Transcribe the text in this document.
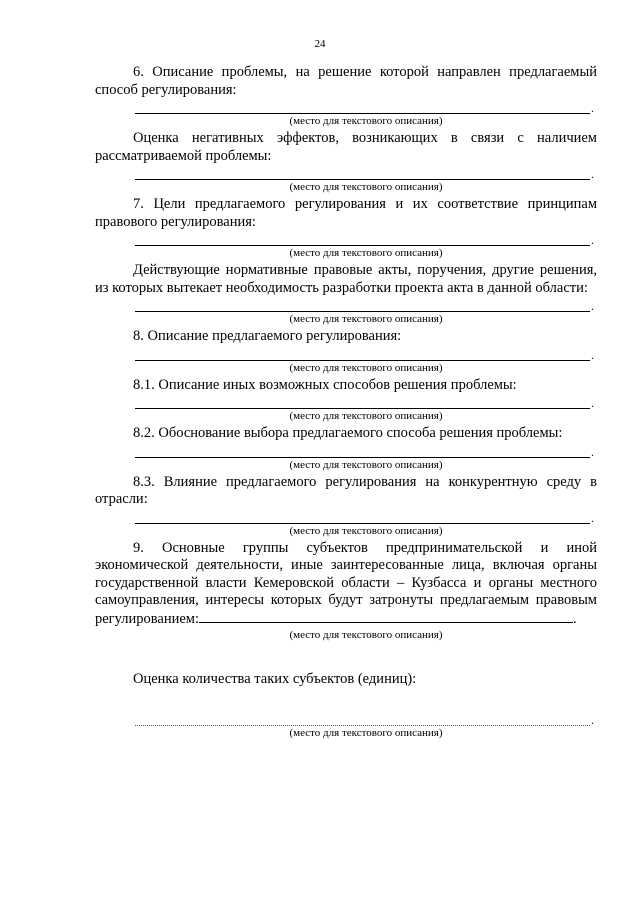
24

6. Описание проблемы, на решение которой направлен предлагаемый способ регулирования:

.
(место для текстового описания)

Оценка негативных эффектов, возникающих в связи с наличием рассматриваемой проблемы:

.
(место для текстового описания)

7. Цели предлагаемого регулирования и их соответствие принципам правового регулирования:

.
(место для текстового описания)

Действующие нормативные правовые акты, поручения, другие решения, из которых вытекает необходимость разработки проекта акта в данной области:

.
(место для текстового описания)

8. Описание предлагаемого регулирования:

.
(место для текстового описания)

8.1. Описание иных возможных способов решения проблемы:

.
(место для текстового описания)

8.2. Обоснование выбора предлагаемого способа решения проблемы:

.
(место для текстового описания)

8.3. Влияние предлагаемого регулирования на конкурентную среду в отрасли:

.
(место для текстового описания)

9. Основные группы субъектов предпринимательской и иной экономической деятельности, иные заинтересованные лица, включая органы государственной власти Кемеровской области – Кузбасса и органы местного самоуправления, интересы которых будут затронуты предлагаемым правовым регулированием:	.

(место для текстового описания)

Оценка количества таких субъектов (единиц):

.
(место для текстового описания)
